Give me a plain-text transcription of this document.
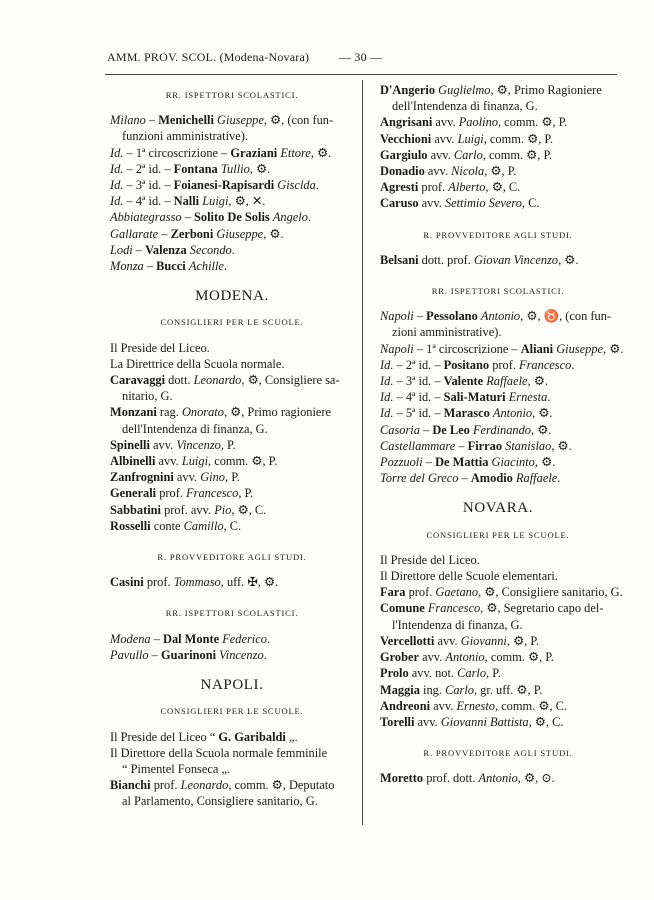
AMM. PROV. SCOL. (Modena-Novara) — 30 —
RR. ISPETTORI SCOLASTICI.
Milano – Menichelli Giuseppe, ⚙, (con fun-
funzioni amministrative).
Id. – 1ª circoscrizione – Graziani Ettore, ⚙.
Id. – 2ª id. – Fontana Tullio, ⚙.
Id. – 3ª id. – Foianesi-Rapisardi Gisclda.
Id. – 4ª id. – Nalli Luigi, ⚙, ✕.
Abbiategrasso – Solito De Solis Angelo.
Gallarate – Zerboni Giuseppe, ⚙.
Lodi – Valenza Secondo.
Monza – Bucci Achille.
MODENA.
CONSIGLIERI PER LE SCUOLE.
Il Preside del Liceo.
La Direttrice della Scuola normale.
Caravaggi dott. Leonardo, ⚙, Consigliere sa-
nitario, G.
Monzani rag. Onorato, ⚙, Primo ragioniere
dell'Intendenza di finanza, G.
Spinelli avv. Vincenzo, P.
Albinelli avv. Luigi, comm. ⚙, P.
Zanfrognini avv. Gino, P.
Generali prof. Francesco, P.
Sabbatini prof. avv. Pio, ⚙, C.
Rosselli conte Camillo, C.
R. PROVVEDITORE AGLI STUDI.
Casini prof. Tommaso, uff. ✠, ⚙.
RR. ISPETTORI SCOLASTICI.
Modena – Dal Monte Federico.
Pavullo – Guarinoni Vincenzo.
NAPOLI.
CONSIGLIERI PER LE SCUOLE.
Il Preside del Liceo “ G. Garibaldi „.
Il Direttore della Scuola normale femminile
“ Pimentel Fonseca „.
Bianchi prof. Leonardo, comm. ⚙, Deputato
al Parlamento, Consigliere sanitario, G.
D'Angerio Guglielmo, ⚙, Primo Ragioniere
dell'Intendenza di finanza, G.
Angrisani avv. Paolino, comm. ⚙, P.
Vecchioni avv. Luigi, comm. ⚙, P.
Gargiulo avv. Carlo, comm. ⚙, P.
Donadio avv. Nicola, ⚙, P.
Agresti prof. Alberto, ⚙, C.
Caruso avv. Settimio Severo, C.
R. PROVVEDITORE AGLI STUDI.
Belsani dott. prof. Giovan Vincenzo, ⚙.
RR. ISPETTORI SCOLASTICI.
Napoli – Pessolano Antonio, ⚙, ♉, (con fun-
zioni amministrative).
Napoli – 1ª circoscrizione – Aliani Giuseppe, ⚙.
Id. – 2ª id. – Positano prof. Francesco.
Id. – 3ª id. – Valente Raffaele, ⚙.
Id. – 4ª id. – Sali-Maturi Ernesta.
Id. – 5ª id. – Marasco Antonio, ⚙.
Casoria – De Leo Ferdinando, ⚙.
Castellammare – Firrao Stanislao, ⚙.
Pozzuoli – De Mattia Giacinto, ⚙.
Torre del Greco – Amodio Raffaele.
NOVARA.
CONSIGLIERI PER LE SCUOLE.
Il Preside del Liceo.
Il Direttore delle Scuole elementari.
Fara prof. Gaetano, ⚙, Consigliere sanitario, G.
Comune Francesco, ⚙, Segretario capo del-
l'Intendenza di finanza, G.
Vercellotti avv. Giovanni, ⚙, P.
Grober avv. Antonio, comm. ⚙, P.
Prolo avv. not. Carlo, P.
Maggia ing. Carlo, gr. uff. ⚙, P.
Andreoni avv. Ernesto, comm. ⚙, C.
Torelli avv. Giovanni Battista, ⚙, C.
R. PROVVEDITORE AGLI STUDI.
Moretto prof. dott. Antonio, ⚙, ⊙.
